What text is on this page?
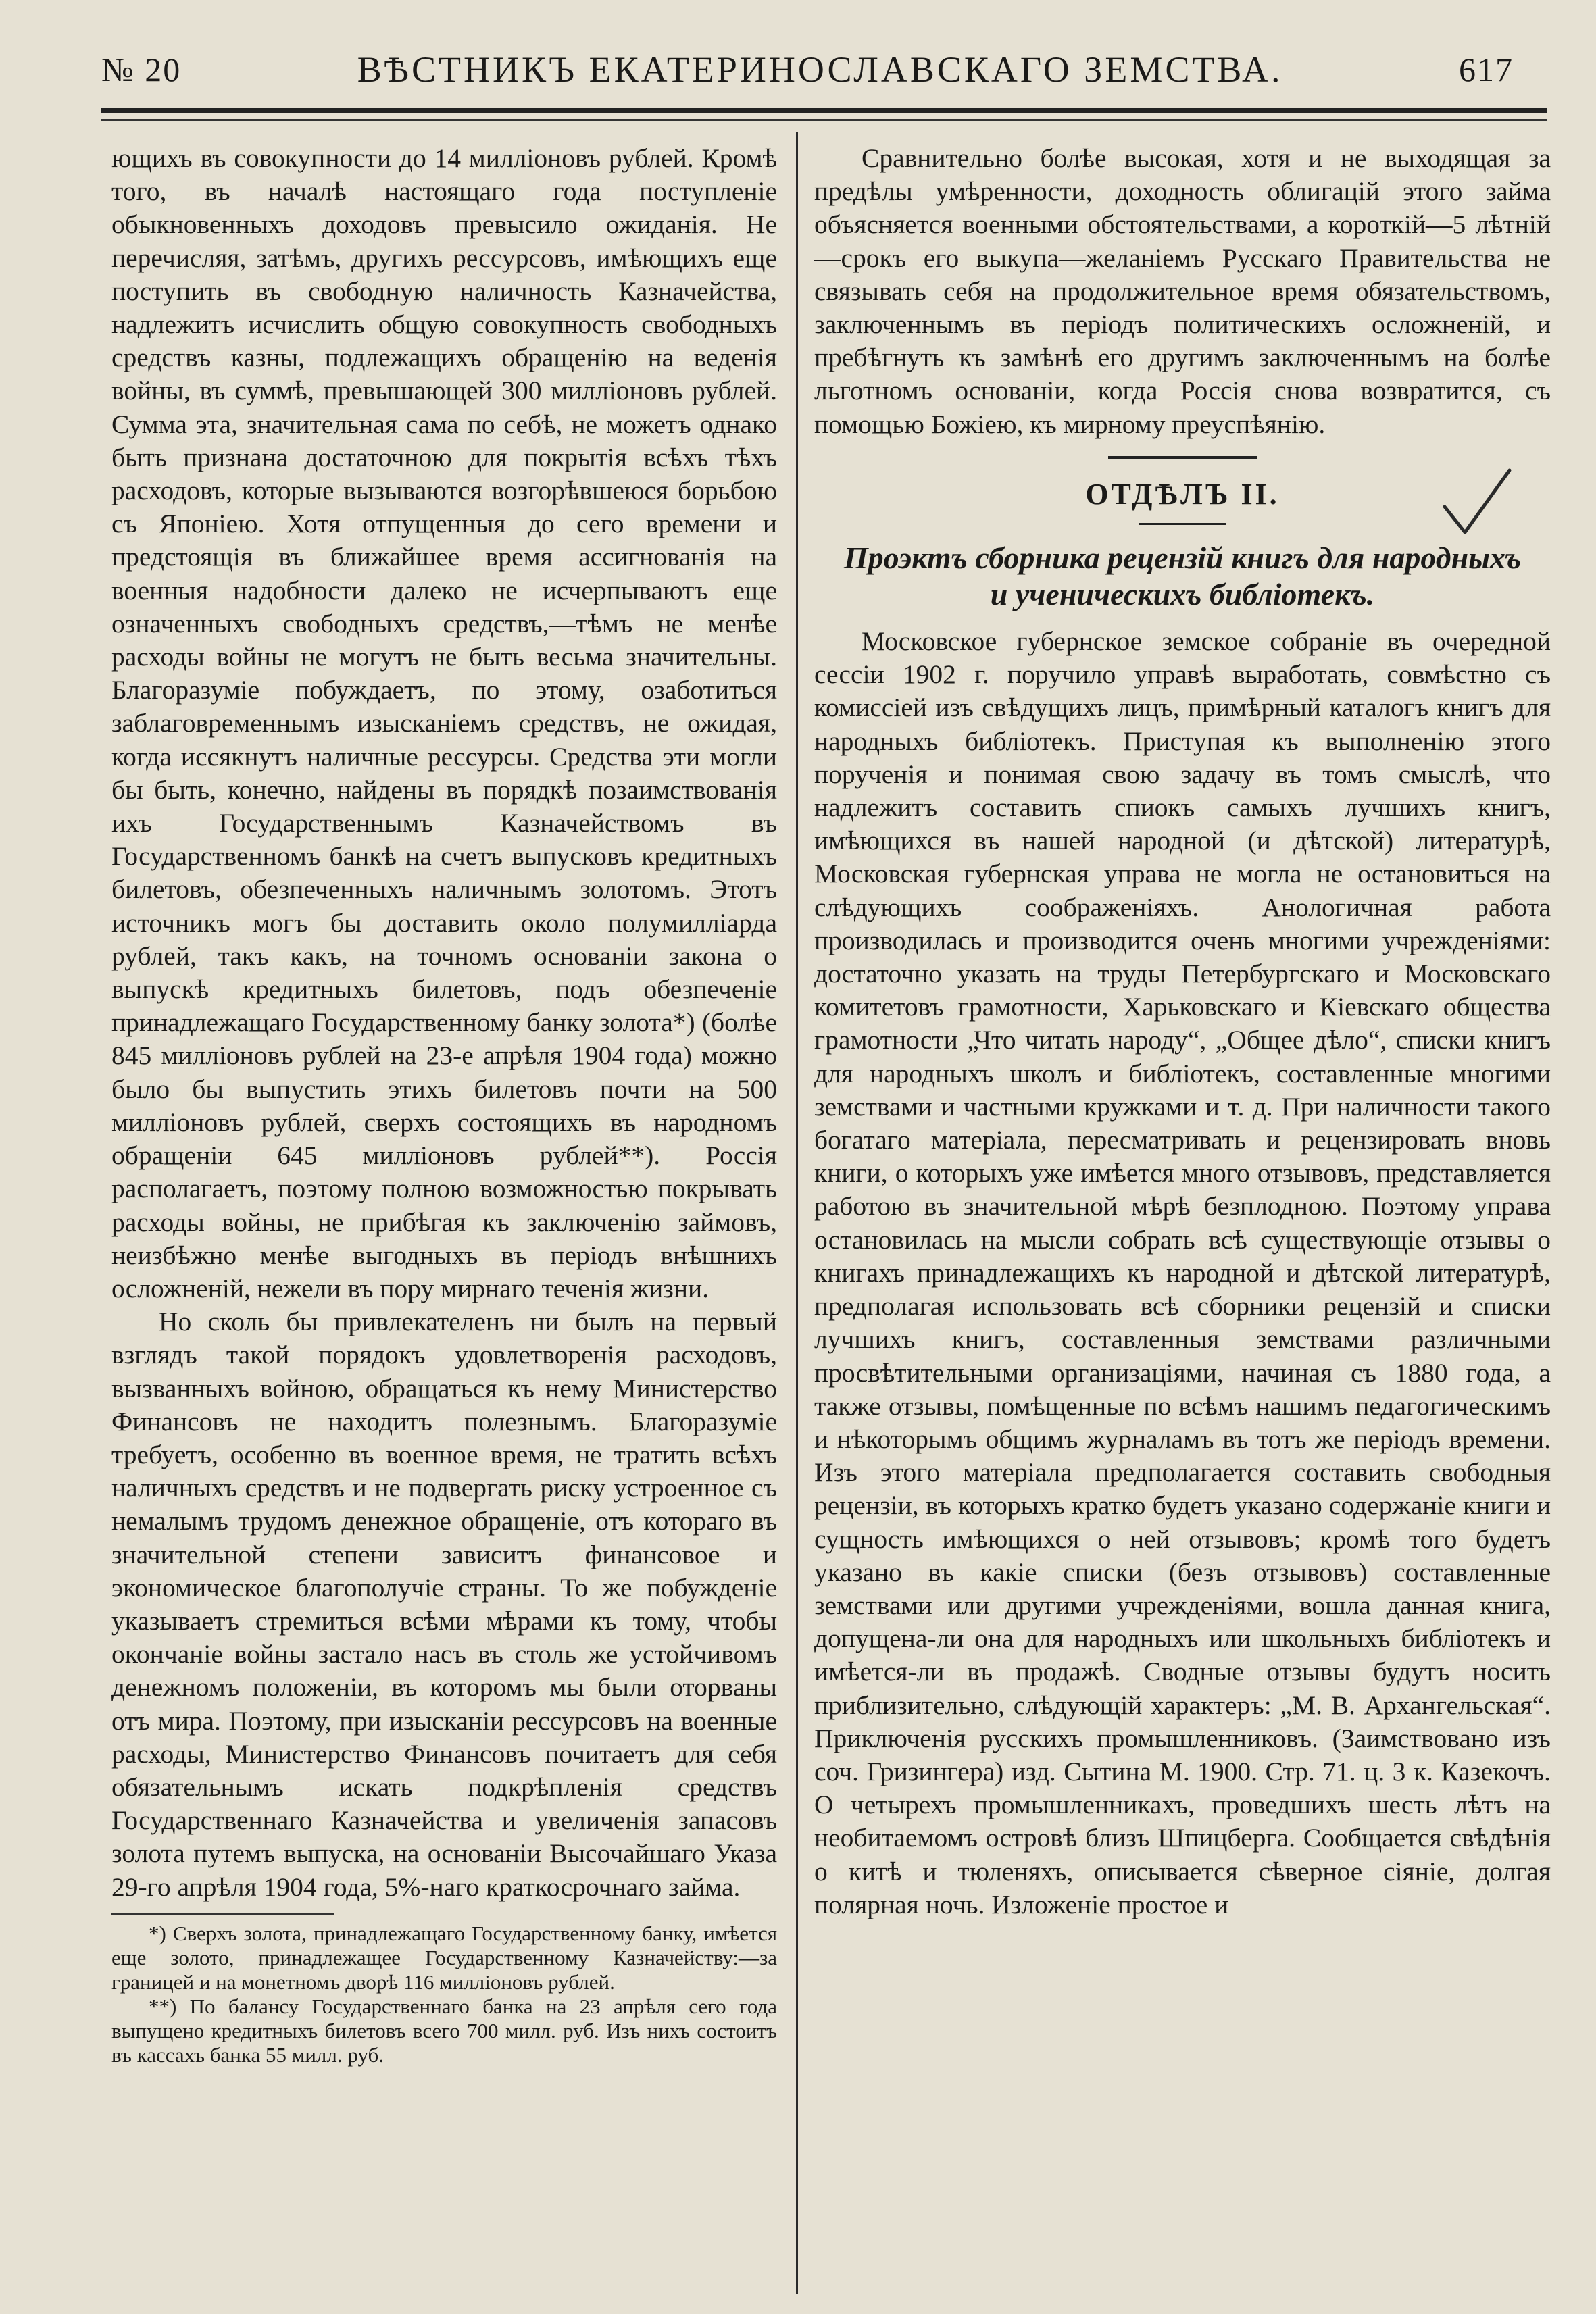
№ 20	ВѢСТНИКЪ ЕКАТЕРИНОСЛАВСКАГО ЗЕМСТВА.	617

ющихъ въ совокупности до 14 милліоновъ рублей. Кромѣ того, въ началѣ настоящаго года поступленіе обыкновенныхъ доходовъ превысило ожиданія. Не перечисляя, затѣмъ, другихъ рессурсовъ, имѣющихъ еще поступить въ свободную наличность Казначейства, надлежитъ исчислить общую совокупность свободныхъ средствъ казны, подлежащихъ обращенію на веденія войны, въ суммѣ, превышающей 300 милліоновъ рублей. Сумма эта, значительная сама по себѣ, не можетъ однако быть признана достаточною для покрытія всѣхъ тѣхъ расходовъ, которые вызываются возгорѣвшеюся борьбою съ Японіею. Хотя отпущенныя до сего времени и предстоящія въ ближайшее время ассигнованія на военныя надобности далеко не исчерпываютъ еще означенныхъ свободныхъ средствъ,—тѣмъ не менѣе расходы войны не могутъ не быть весьма значительны. Благоразуміе побуждаетъ, по этому, озаботиться заблаговременнымъ изысканіемъ средствъ, не ожидая, когда иссякнутъ наличные рессурсы. Средства эти могли бы быть, конечно, найдены въ порядкѣ позаимствованія ихъ Государственнымъ Казначействомъ въ Государственномъ банкѣ на счетъ выпусковъ кредитныхъ билетовъ, обезпеченныхъ наличнымъ золотомъ. Этотъ источникъ могъ бы доставить около полумилліарда рублей, такъ какъ, на точномъ основаніи закона о выпускѣ кредитныхъ билетовъ, подъ обезпеченіе принадлежащаго Государственному банку золота*) (болѣе 845 милліоновъ рублей на 23-е апрѣля 1904 года) можно было бы выпустить этихъ билетовъ почти на 500 милліоновъ рублей, сверхъ состоящихъ въ народномъ обращеніи 645 милліоновъ рублей**). Россія располагаетъ, поэтому полною возможностью покрывать расходы войны, не прибѣгая къ заключенію займовъ, неизбѣжно менѣе выгодныхъ въ періодъ внѣшнихъ осложненій, нежели въ пору мирнаго теченія жизни.

Но сколь бы привлекателенъ ни былъ на первый взглядъ такой порядокъ удовлетворенія расходовъ, вызванныхъ войною, обращаться къ нему Министерство Финансовъ не находитъ полезнымъ. Благоразуміе требуетъ, особенно въ военное время, не тратить всѣхъ наличныхъ средствъ и не подвергать риску устроенное съ немалымъ трудомъ денежное обращеніе, отъ котораго въ значительной степени зависитъ финансовое и экономическое благополучіе страны. То же побужденіе указываетъ стремиться всѣми мѣрами къ тому, чтобы окончаніе войны застало насъ въ столь же устойчивомъ денежномъ положеніи, въ которомъ мы были оторваны отъ мира. Поэтому, при изысканіи рессурсовъ на военные расходы, Министерство Финансовъ почитаетъ для себя обязательнымъ искать подкрѣпленія средствъ Государственнаго Казначейства и увеличенія запасовъ золота путемъ выпуска, на основаніи Высочайшаго Указа 29-го апрѣля 1904 года, 5%-наго краткосрочнаго займа.

*) Сверхъ золота, принадлежащаго Государственному банку, имѣется еще золото, принадлежащее Государственному Казначейству:—за границей и на монетномъ дворѣ 116 милліоновъ рублей.

**) По балансу Государственнаго банка на 23 апрѣля сего года выпущено кредитныхъ билетовъ всего 700 милл. руб. Изъ нихъ состоитъ въ кассахъ банка 55 милл. руб.

Сравнительно болѣе высокая, хотя и не выходящая за предѣлы умѣренности, доходность облигацій этого займа объясняется военными обстоятельствами, а короткій—5 лѣтній—срокъ его выкупа—желаніемъ Русскаго Правительства не связывать себя на продолжительное время обязательствомъ, заключеннымъ въ періодъ политическихъ осложненій, и пребѣгнуть къ замѣнѣ его другимъ заключеннымъ на болѣе льготномъ основаніи, когда Россія снова возвратится, съ помощью Божіею, къ мирному преуспѣянію.

ОТДѢЛЪ II.
Проэктъ сборника рецензій книгъ для народныхъ
и ученическихъ библіотекъ.

Московское губернское земское собраніе въ очередной сессіи 1902 г. поручило управѣ выработать, совмѣстно съ комиссіей изъ свѣдущихъ лицъ, примѣрный каталогъ книгъ для народныхъ библіотекъ. Приступая къ выполненію этого порученія и понимая свою задачу въ томъ смыслѣ, что надлежитъ составить спиокъ самыхъ лучшихъ книгъ, имѣющихся въ нашей народной (и дѣтской) литературѣ, Московская губернская управа не могла не остановиться на слѣдующихъ соображеніяхъ. Анологичная работа производилась и производится очень многими учрежденіями: достаточно указать на труды Петербургскаго и Московскаго комитетовъ грамотности, Харьковскаго и Кіевскаго общества грамотности „Что читать народу“, „Общее дѣло“, списки книгъ для народныхъ школъ и библіотекъ, составленные многими земствами и частными кружками и т. д. При наличности такого богатаго матеріала, пересматривать и рецензировать вновь книги, о которыхъ уже имѣется много отзывовъ, представляется работою въ значительной мѣрѣ безплодною. Поэтому управа остановилась на мысли собрать всѣ существующіе отзывы о книгахъ принадлежащихъ къ народной и дѣтской литературѣ, предполагая использовать всѣ сборники рецензій и списки лучшихъ книгъ, составленныя земствами различными просвѣтительными организаціями, начиная съ 1880 года, а также отзывы, помѣщенные по всѣмъ нашимъ педагогическимъ и нѣкоторымъ общимъ журналамъ въ тотъ же періодъ времени. Изъ этого матеріала предполагается составить свободныя рецензіи, въ которыхъ кратко будетъ указано содержаніе книги и сущность имѣющихся о ней отзывовъ; кромѣ того будетъ указано въ какіе списки (безъ отзывовъ) составленные земствами или другими учрежденіями, вошла данная книга, допущена-ли она для народныхъ или школьныхъ библіотекъ и имѣется-ли въ продажѣ. Сводные отзывы будутъ носить приблизительно, слѣдующій характеръ: „М. В. Архангельская“. Приключенія русскихъ промышленниковъ. (Заимствовано изъ соч. Гризингера) изд. Сытина М. 1900. Стр. 71. ц. 3 к. Казекочъ. О четырехъ промышленникахъ, проведшихъ шесть лѣтъ на необитаемомъ островѣ близъ Шпицберга. Сообщается свѣдѣнія о китѣ и тюленяхъ, описывается сѣверное сіяніе, долгая полярная ночь. Изложеніе простое и
